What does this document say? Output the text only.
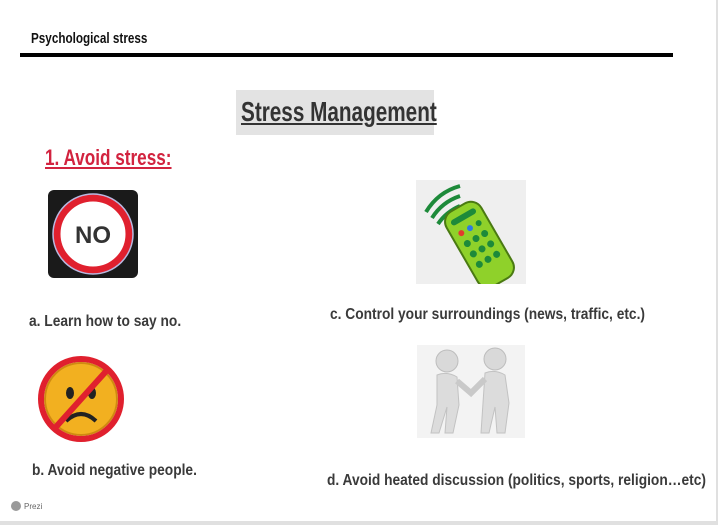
Psychological stress
Stress Management
1. Avoid stress:
NO
a. Learn how to say no.	c. Control your surroundings (news, traffic, etc.)
b. Avoid negative people.
d. Avoid heated discussion (politics, sports, religion…etc)
Prezi
